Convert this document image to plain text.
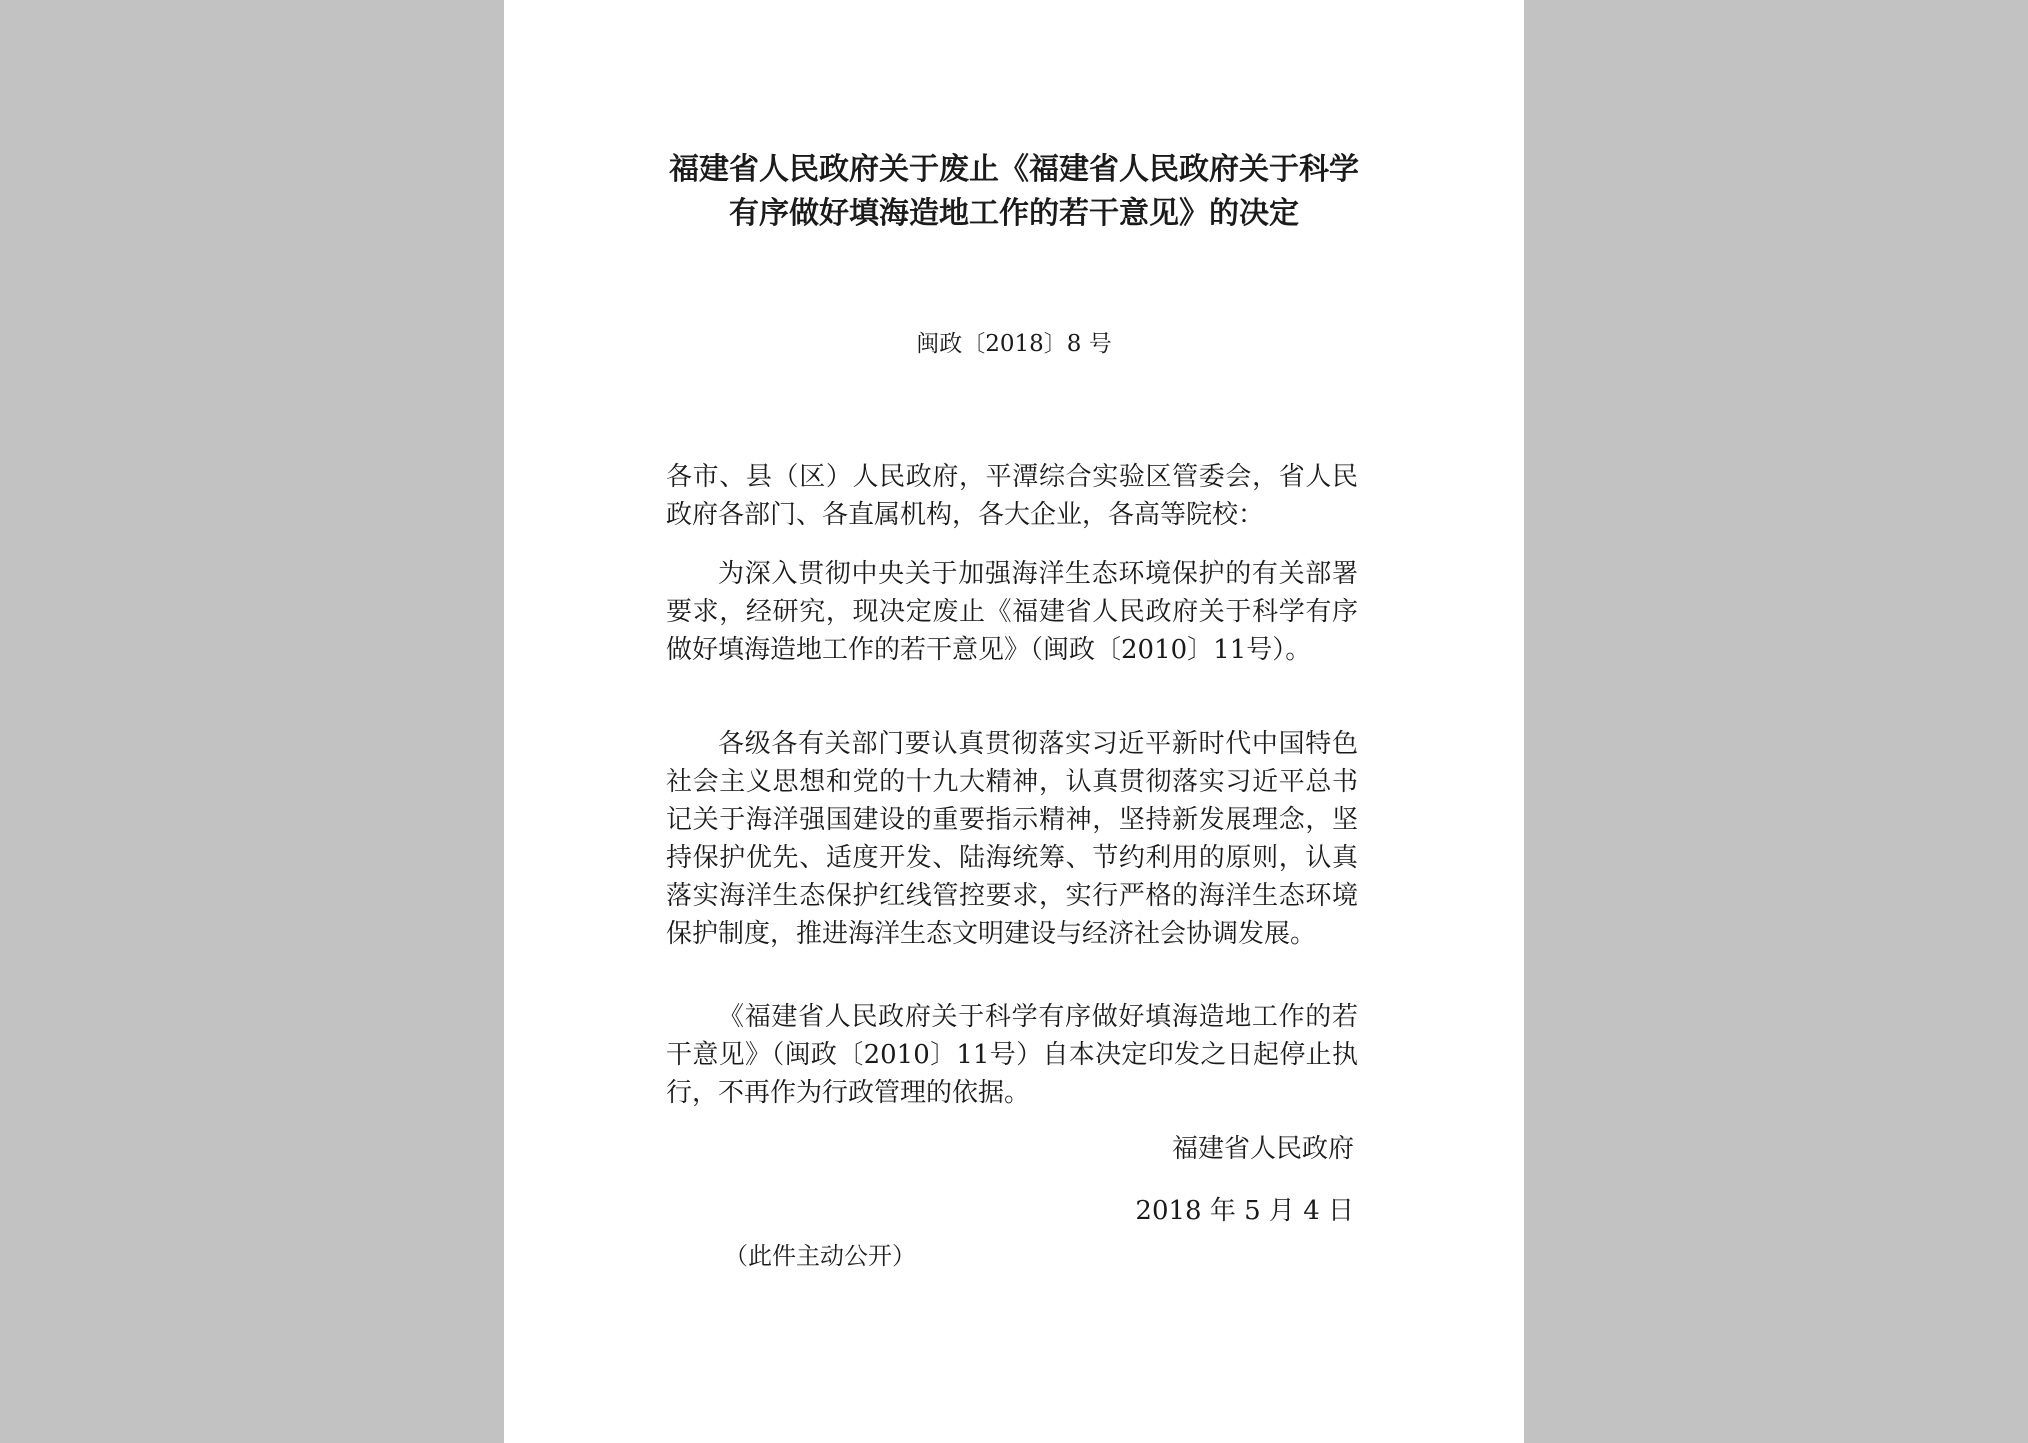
福建省人民政府关于废止《福建省人民政府关于科学有序做好填海造地工作的若干意见》的决定
闽政〔2018〕8 号

各市、县（区）人民政府，平潭综合实验区管委会，省人民政府各部门、各直属机构，各大企业，各高等院校：

为深入贯彻中央关于加强海洋生态环境保护的有关部署要求，经研究，现决定废止《福建省人民政府关于科学有序做好填海造地工作的若干意见》（闽政〔2010〕11号）。

各级各有关部门要认真贯彻落实习近平新时代中国特色社会主义思想和党的十九大精神，认真贯彻落实习近平总书记关于海洋强国建设的重要指示精神，坚持新发展理念，坚持保护优先、适度开发、陆海统筹、节约利用的原则，认真落实海洋生态保护红线管控要求，实行严格的海洋生态环境保护制度，推进海洋生态文明建设与经济社会协调发展。

《福建省人民政府关于科学有序做好填海造地工作的若干意见》（闽政〔2010〕11号）自本决定印发之日起停止执行，不再作为行政管理的依据。

福建省人民政府
2018 年 5 月 4 日
（此件主动公开）
